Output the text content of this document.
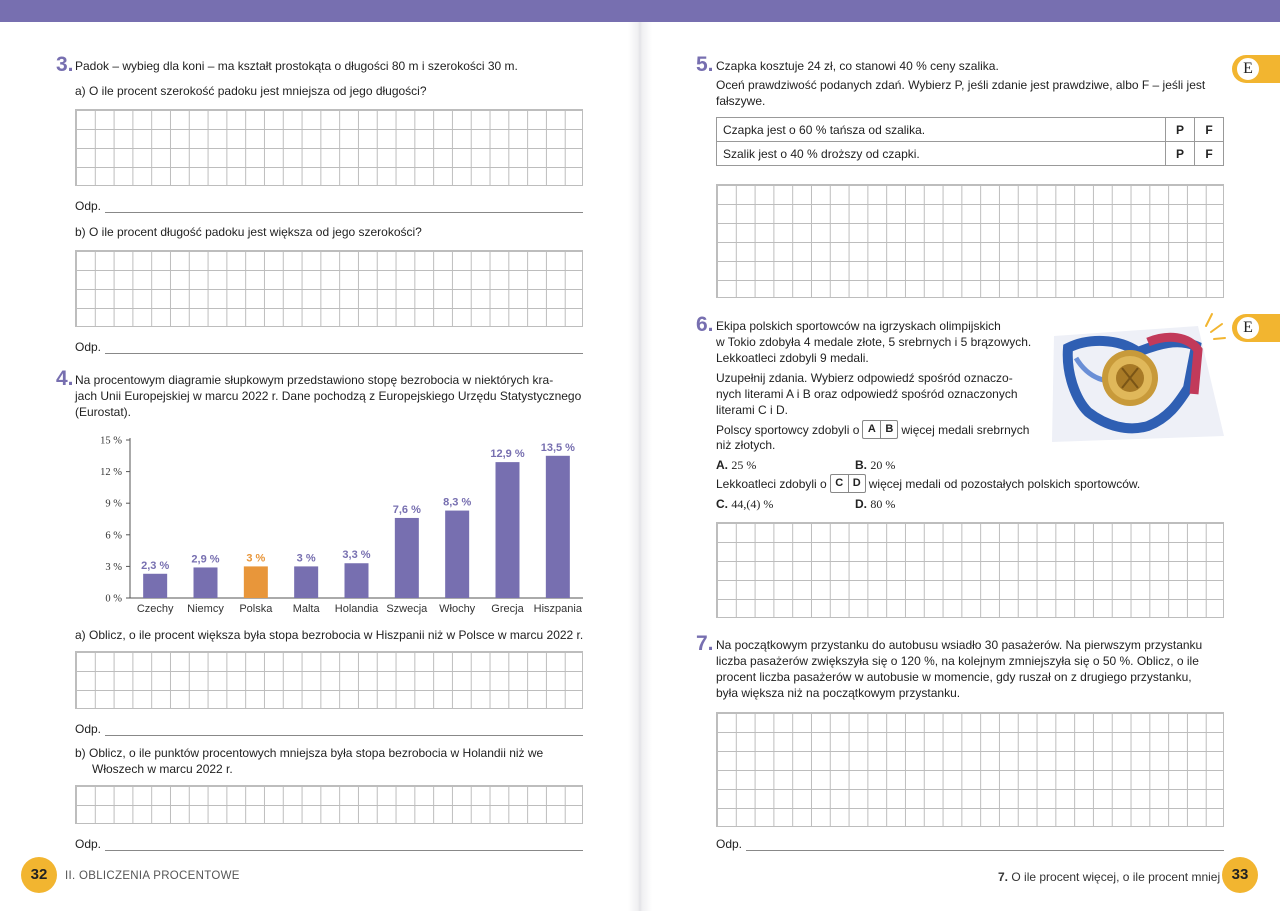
3. Padok – wybieg dla koni – ma kształt prostokąta o długości 80 m i szerokości 30 m.
a) O ile procent szerokość padoku jest mniejsza od jego długości?
Odp.
b) O ile procent długość padoku jest większa od jego szerokości?
Odp.
4. Na procentowym diagramie słupkowym przedstawiono stopę bezrobocia w niektórych kra-
jach Unii Europejskiej w marcu 2022 r. Dane pochodzą z Europejskiego Urzędu Statystycznego
(Eurostat).
0 %
3 %
6 %
9 %
12 %
15 %
2,3 %
Czechy
2,9 %
Niemcy
3 %
Polska
3 %
Malta
3,3 %
Holandia
7,6 %
Szwecja
8,3 %
Włochy
12,9 %
Grecja
13,5 %
Hiszpania
a) Oblicz, o ile procent większa była stopa bezrobocia w Hiszpanii niż w Polsce w marcu 2022 r.
Odp.
b) Oblicz, o ile punktów procentowych mniejsza była stopa bezrobocia w Holandii niż we
Włoszech w marcu 2022 r.
Odp.
32	II. OBLICZENIA PROCENTOWE
E
E
5. Czapka kosztuje 24 zł, co stanowi 40 % ceny szalika.
Oceń prawdziwość podanych zdań. Wybierz P, jeśli zdanie jest prawdziwe, albo F – jeśli jest
fałszywe.
Czapka jest o 60 % tańsza od szalika.	P	F
Szalik jest o 40 % droższy od czapki.	P	F
6. Ekipa polskich sportowców na igrzyskach olimpijskich
w Tokio zdobyła 4 medale złote, 5 srebrnych i 5 brązowych.
Lekkoatleci zdobyli 9 medali.
Uzupełnij zdania. Wybierz odpowiedź spośród oznaczo-
nych literami A i B oraz odpowiedź spośród oznaczonych
literami C i D.
Polscy sportowcy zdobyli o A B więcej medali srebrnych
niż złotych.
A. 25 %	B. 20 %
Lekkoatleci zdobyli o C D więcej medali od pozostałych polskich sportowców.
C. 44,(4) %	D. 80 %
7. Na początkowym przystanku do autobusu wsiadło 30 pasażerów. Na pierwszym przystanku
liczba pasażerów zwiększyła się o 120 %, na kolejnym zmniejszyła się o 50 %. Oblicz, o ile
procent liczba pasażerów w autobusie w momencie, gdy ruszał on z drugiego przystanku,
była większa niż na początkowym przystanku.
Odp.
7. O ile procent więcej, o ile procent mniej 33
